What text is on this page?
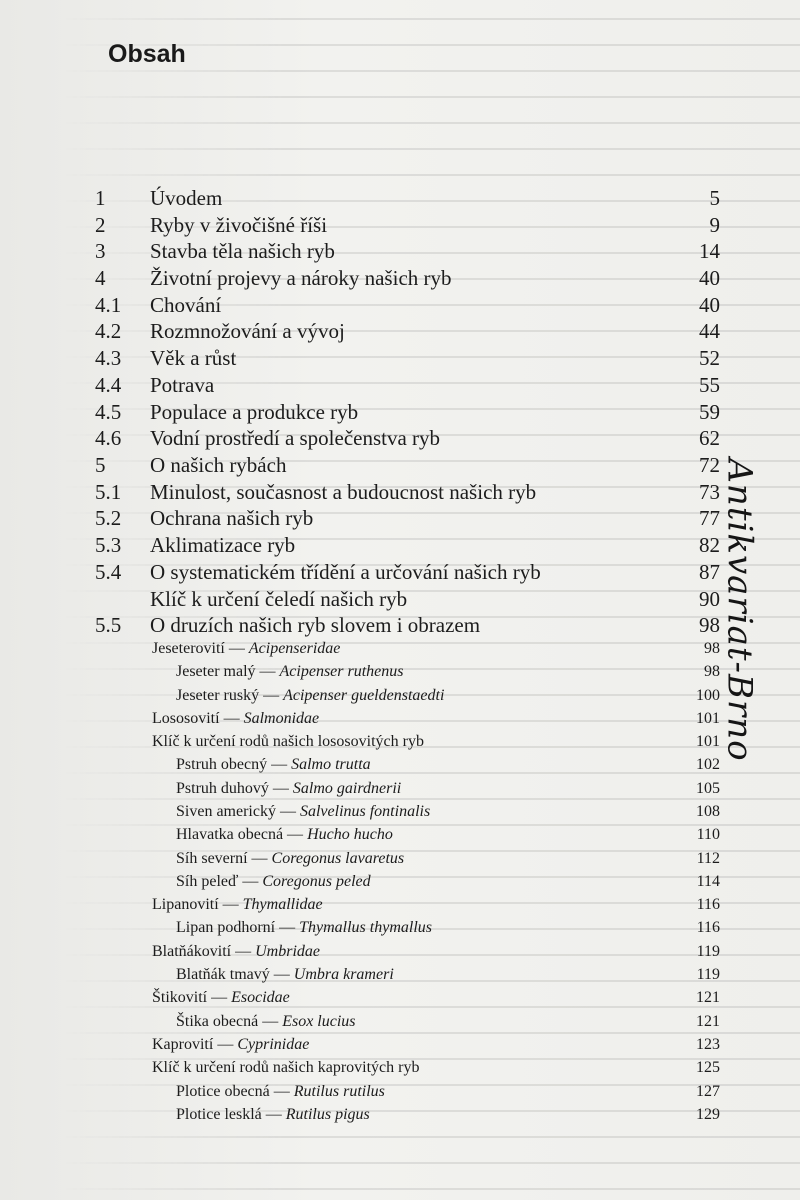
Obsah
1 Úvodem	5
2 Ryby v živočišné říši	9
3 Stavba těla našich ryb	14
4 Životní projevy a nároky našich ryb	40
4.1 Chování	40
4.2 Rozmnožování a vývoj	44
4.3 Věk a růst	52
4.4 Potrava	55
4.5 Populace a produkce ryb	59
4.6 Vodní prostředí a společenstva ryb	62
5 O našich rybách	72
5.1 Minulost, současnost a budoucnost našich ryb	73
5.2 Ochrana našich ryb	77
5.3 Aklimatizace ryb	82
5.4 O systematickém třídění a určování našich ryb	87
Klíč k určení čeledí našich ryb	90
5.5 O druzích našich ryb slovem i obrazem	98
Jeseterovití — Acipenseridae	98
Jeseter malý — Acipenser ruthenus	98
Jeseter ruský — Acipenser gueldenstaedti	100
Lososovití — Salmonidae	101
Klíč k určení rodů našich lososovitých ryb	101
Pstruh obecný — Salmo trutta	102
Pstruh duhový — Salmo gairdnerii	105
Siven americký — Salvelinus fontinalis	108
Hlavatka obecná — Hucho hucho	110
Síh severní — Coregonus lavaretus	112
Síh peleď — Coregonus peled	114
Lipanovití — Thymallidae	116
Lipan podhorní — Thymallus thymallus	116
Blatňákovití — Umbridae	119
Blatňák tmavý — Umbra krameri	119
Štikovití — Esocidae	121
Štika obecná — Esox lucius	121
Kaprovití — Cyprinidae	123
Klíč k určení rodů našich kaprovitých ryb	125
Plotice obecná — Rutilus rutilus	127
Plotice lesklá — Rutilus pigus	129
Antikvariat-Brno
